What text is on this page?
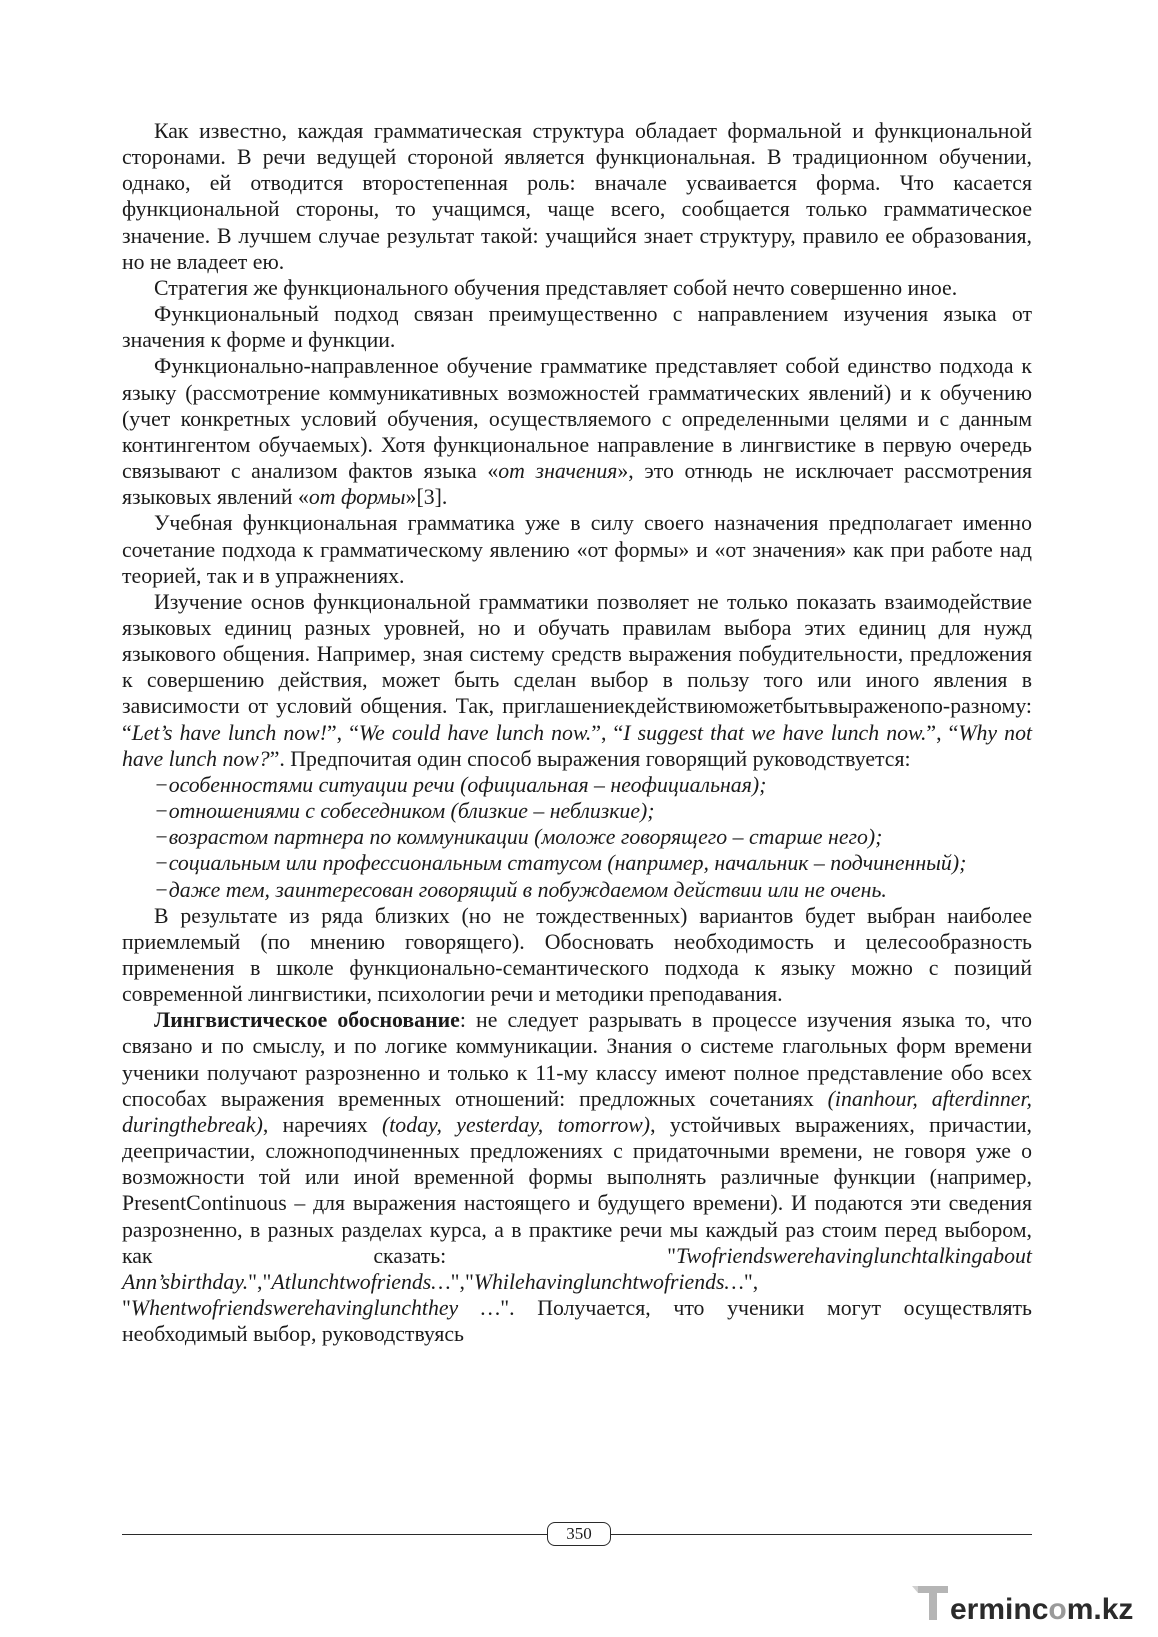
Как известно, каждая грамматическая структура обладает формальной и функциональной сторонами. В речи ведущей стороной является функциональная. В традиционном обучении, однако, ей отводится второстепенная роль: вначале усваивается форма. Что касается функциональной стороны, то учащимся, чаще всего, сообщается только грамматическое значение. В лучшем случае результат такой: учащийся знает структуру, правило ее образования, но не владеет ею.

Стратегия же функционального обучения представляет собой нечто совершенно иное.

Функциональный подход связан преимущественно с направлением изучения языка от значения к форме и функции.

Функционально-направленное обучение грамматике представляет собой единство подхода к языку (рассмотрение коммуникативных возможностей грамматических явлений) и к обучению (учет конкретных условий обучения, осуществляемого с определенными целями и с данным контингентом обучаемых). Хотя функциональное направление в лингвистике в первую очередь связывают с анализом фактов языка «от значения», это отнюдь не исключает рассмотрения языковых явлений «от формы»[3].

Учебная функциональная грамматика уже в силу своего назначения предполагает именно сочетание подхода к грамматическому явлению «от формы» и «от значения» как при работе над теорией, так и в упражнениях.

Изучение основ функциональной грамматики позволяет не только показать взаимодействие языковых единиц разных уровней, но и обучать правилам выбора этих единиц для нужд языкового общения. Например, зная систему средств выражения побудительности, предложения к совершению действия, может быть сделан выбор в пользу того или иного явления в зависимости от условий общения. Так, приглашениекдействиюможетбытьвыраженопо-разному: “Let’s have lunch now!”, “We could have lunch now.”, “I suggest that we have lunch now.”, “Why not have lunch now?”. Предпочитая один способ выражения говорящий руководствуется:

−особенностями ситуации речи (официальная – неофициальная);

−отношениями с собеседником (близкие – неблизкие);

−возрастом партнера по коммуникации (моложе говорящего – старше него);

−социальным или профессиональным статусом (например, начальник – подчиненный);

−даже тем, заинтересован говорящий в побуждаемом действии или не очень.

В результате из ряда близких (но не тождественных) вариантов будет выбран наиболее приемлемый (по мнению говорящего). Обосновать необходимость и целесообразность применения в школе функционально-семантического подхода к языку можно с позиций современной лингвистики, психологии речи и методики преподавания.

Лингвистическое обоснование: не следует разрывать в процессе изучения языка то, что связано и по смыслу, и по логике коммуникации. Знания о системе глагольных форм времени ученики получают разрозненно и только к 11-му классу имеют полное представление обо всех способах выражения временных отношений: предложных сочетаниях (inanhour, afterdinner, duringthebreak), наречиях (today, yesterday, tomorrow), устойчивых выражениях, причастии, деепричастии, сложноподчиненных предложениях с придаточными времени, не говоря уже о возможности той или иной временной формы выполнять различные функции (например, PresentContinuous – для выражения настоящего и будущего времени). И подаются эти сведения разрозненно, в разных разделах курса, а в практике речи мы каждый раз стоим перед выбором, как сказать: "Twofriendswerehavinglunchtalkingabout Ann’sbirthday.","Atlunchtwofriends…","Whilehavinglunchtwofriends…", "Whentwofriendswerehavinglunchthey …". Получается, что ученики могут осуществлять необходимый выбор, руководствуясь

350
ermincom.kz
